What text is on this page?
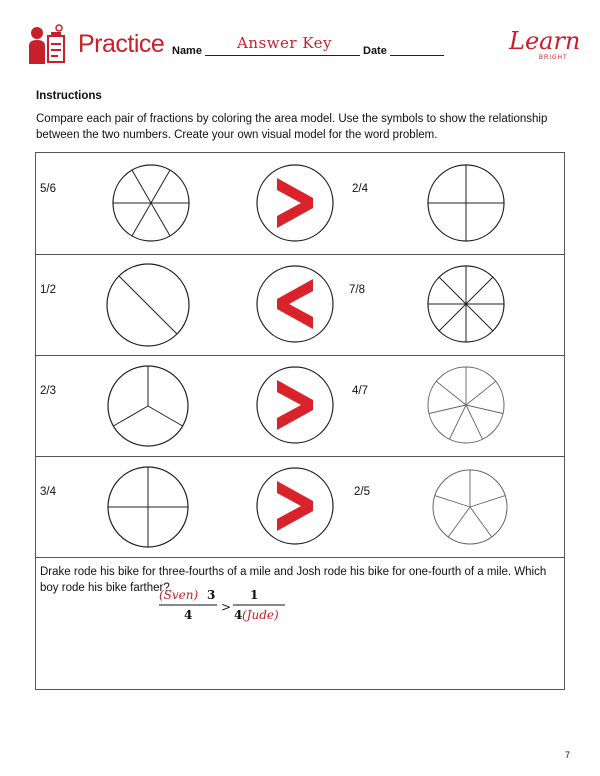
Practice Name Answer Key	Date	Learn
BRIGHT
Instructions
Compare each pair of fractions by coloring the area model. Use the symbols to show the relationship between the two numbers. Create your own visual model for the word problem.
5/6	2/4
1/2	7/8
2/3	4/7
3/4	2/5
Drake rode his bike for three-fourths of a mile and Josh rode his bike for one-fourth of a mile. Which boy rode his bike farther?
(Sven) 3
4
>
1
4 (Jude)
7
